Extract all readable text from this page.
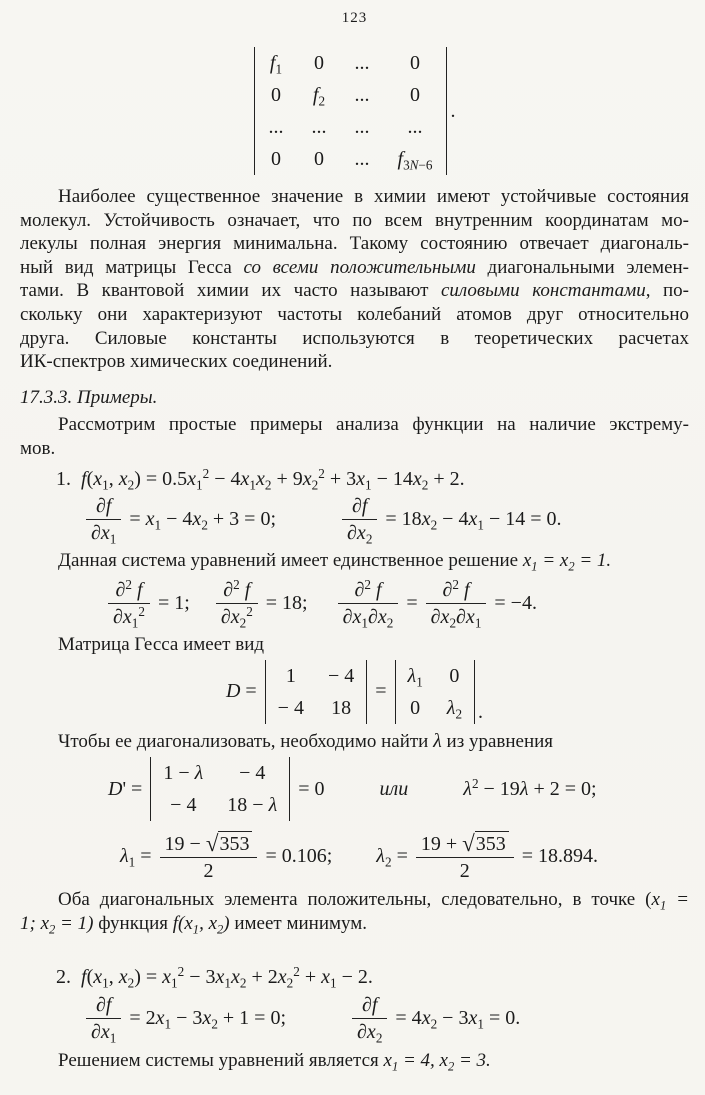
123
$f_1$	0	...	0
0	$f_2$	...	0
...	...	...	...
0	0	...	$f_{3N-6}$
.
Наиболее существенное значение в химии имеют устойчивые состояния
молекул. Устойчивость означает, что по всем внутренним координатам мо-
лекулы полная энергия минимальна. Такому состоянию отвечает диагональ-
ный вид матрицы Гесса со всеми положительными диагональными элемен-
тами. В квантовой химии их часто называют силовыми константами, по-
скольку они характеризуют частоты колебаний атомов друг относительно
друга. Силовые константы используются в теоретических расчетах
ИК-спектров химических соединений.
17.3.3. Примеры.
Рассмотрим простые примеры анализа функции на наличие экстрему-
мов.
1. $f(x_1$, $x_2) = 0.5x_1^2 - 4x_1x_2 + 9x_2^2 + 3x_1 - 14x_2 + 2$.
$\frac{\partial f}{\partial x_1} = x_1 - 4x_2 + 3 = 0$;	$\frac{\partial f}{\partial x_2} = 18x_2 - 4x_1 - 14 = 0$.
Данная система уравнений имеет единственное решение $x_1 = x_2 = 1$.
$\frac{\partial^2 f}{\partial x_1^2} = 1$; $\frac{\partial^2 f}{\partial x_2^2} = 18$; $\frac{\partial^2 f}{\partial x_1\partial x_2} = \frac{\partial^2 f}{\partial x_2\partial x_1} = -4$.
Матрица Гесса имеет вид
D =
1	− 4
− 4	18
=
$\lambda_1$	0
0	$\lambda_2$ .
Чтобы ее диагонализовать, необходимо найти λ из уравнения
D' =
1 − λ	− 4
− 4	18 − λ
= 0	или	$\lambda^2 - 19\lambda + 2 = 0$;
$\lambda_1 = \frac{19 - √ 353}{2} = 0.106$; $\lambda_2 = \frac{19 + √ 353}{2} = 18.894$.
Оба диагональных элемента положительны, следовательно, в точке ($x_1$ =
1; $x_2 = 1$) функция $f(x_1$, $x_2$) имеет минимум.
2. $f(x_1$, $x_2) = x_1^2 - 3x_1x_2 + 2x_2^2 + x_1 - 2$.
$\frac{\partial f}{\partial x_1} = 2x_1 - 3x_2 + 1 = 0$;	$\frac{\partial f}{\partial x_2} = 4x_2 - 3x_1 = 0$.
Решением системы уравнений является $x_1 = 4$, $x_2 = 3$.
